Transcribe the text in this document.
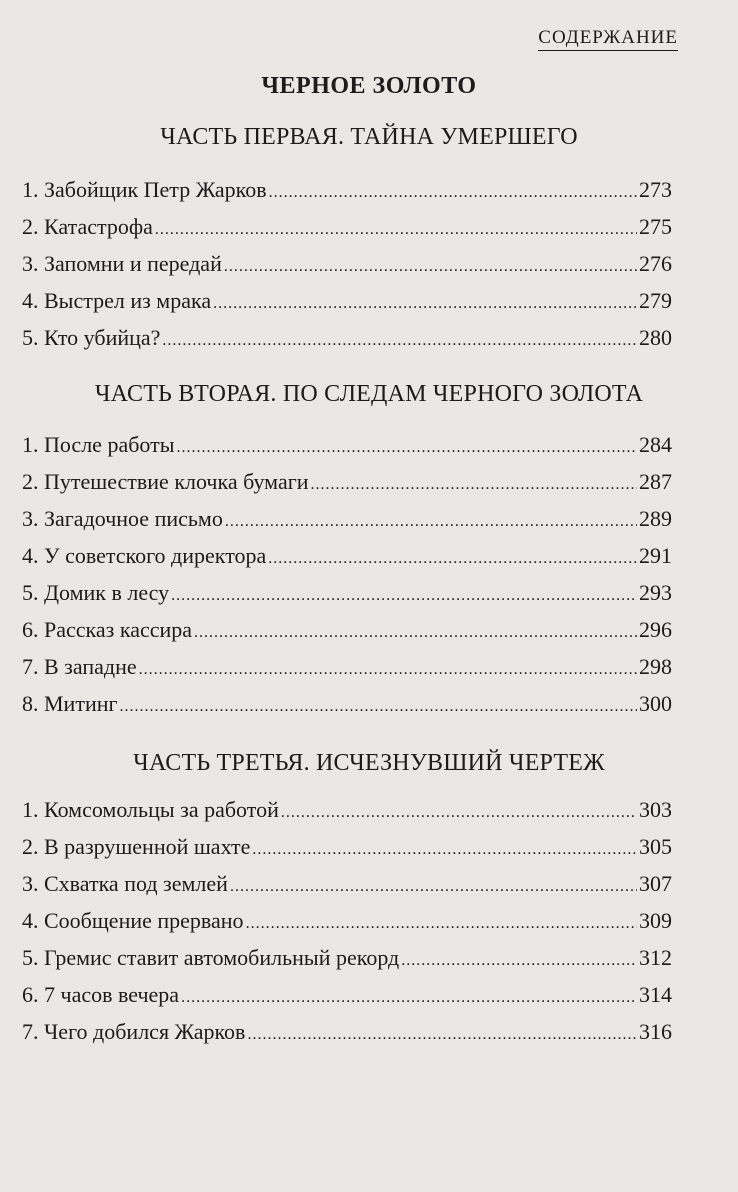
СОДЕРЖАНИЕ
ЧЕРНОЕ ЗОЛОТО
ЧАСТЬ ПЕРВАЯ. ТАЙНА УМЕРШЕГО
1. Забойщик Петр Жарков .....	273
2. Катастрофа .....	275
3. Запомни и передай .....	276
4. Выстрел из мрака .....	279
5. Кто убийца? .....	280
ЧАСТЬ ВТОРАЯ. ПО СЛЕДАМ ЧЕРНОГО ЗОЛОТА
1. После работы .....	284
2. Путешествие клочка бумаги .....	287
3. Загадочное письмо .....	289
4. У советского директора .....	291
5. Домик в лесу .....	293
6. Рассказ кассира .....	296
7. В западне .....	298
8. Митинг .....	300
ЧАСТЬ ТРЕТЬЯ. ИСЧЕЗНУВШИЙ ЧЕРТЕЖ
1. Комсомольцы за работой .....	303
2. В разрушенной шахте .....	305
3. Схватка под землей .....	307
4. Сообщение прервано .....	309
5. Гремис ставит автомобильный рекорд .....	312
6. 7 часов вечера .....	314
7. Чего добился Жарков .....	316
